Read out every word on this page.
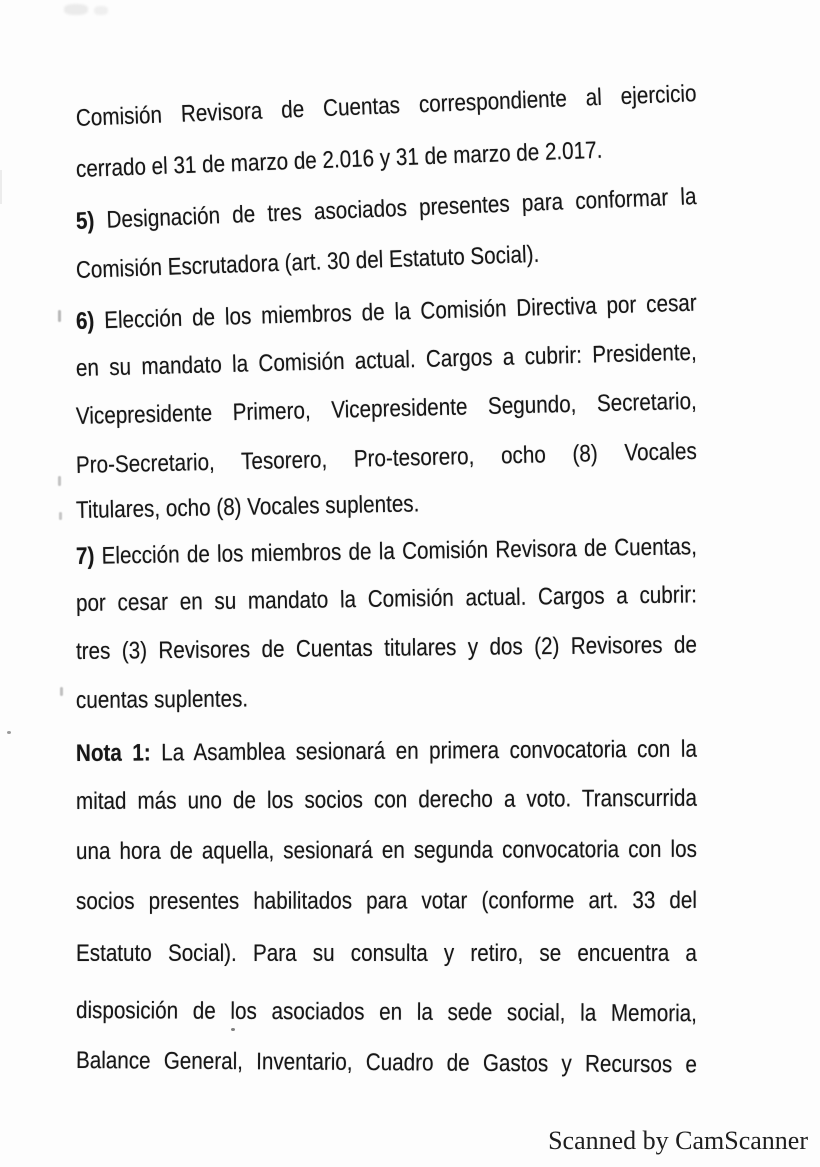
Comisión Revisora de Cuentas correspondiente al ejercicio
cerrado el 31 de marzo de 2.016 y 31 de marzo de 2.017.
5) Designación de tres asociados presentes para conformar la
Comisión Escrutadora (art. 30 del Estatuto Social).
6) Elección de los miembros de la Comisión Directiva por cesar
en su mandato la Comisión actual. Cargos a cubrir: Presidente,
Vicepresidente Primero, Vicepresidente Segundo, Secretario,
Pro-Secretario, Tesorero, Pro-tesorero, ocho (8) Vocales
Titulares, ocho (8) Vocales suplentes.
7) Elección de los miembros de la Comisión Revisora de Cuentas,
por cesar en su mandato la Comisión actual. Cargos a cubrir:
tres (3) Revisores de Cuentas titulares y dos (2) Revisores de
cuentas suplentes.
Nota 1: La Asamblea sesionará en primera convocatoria con la
mitad más uno de los socios con derecho a voto. Transcurrida
una hora de aquella, sesionará en segunda convocatoria con los
socios presentes habilitados para votar (conforme art. 33 del
Estatuto Social). Para su consulta y retiro, se encuentra a
disposición de los asociados en la sede social, la Memoria,
Balance General, Inventario, Cuadro de Gastos y Recursos e
Scanned by CamScanner
